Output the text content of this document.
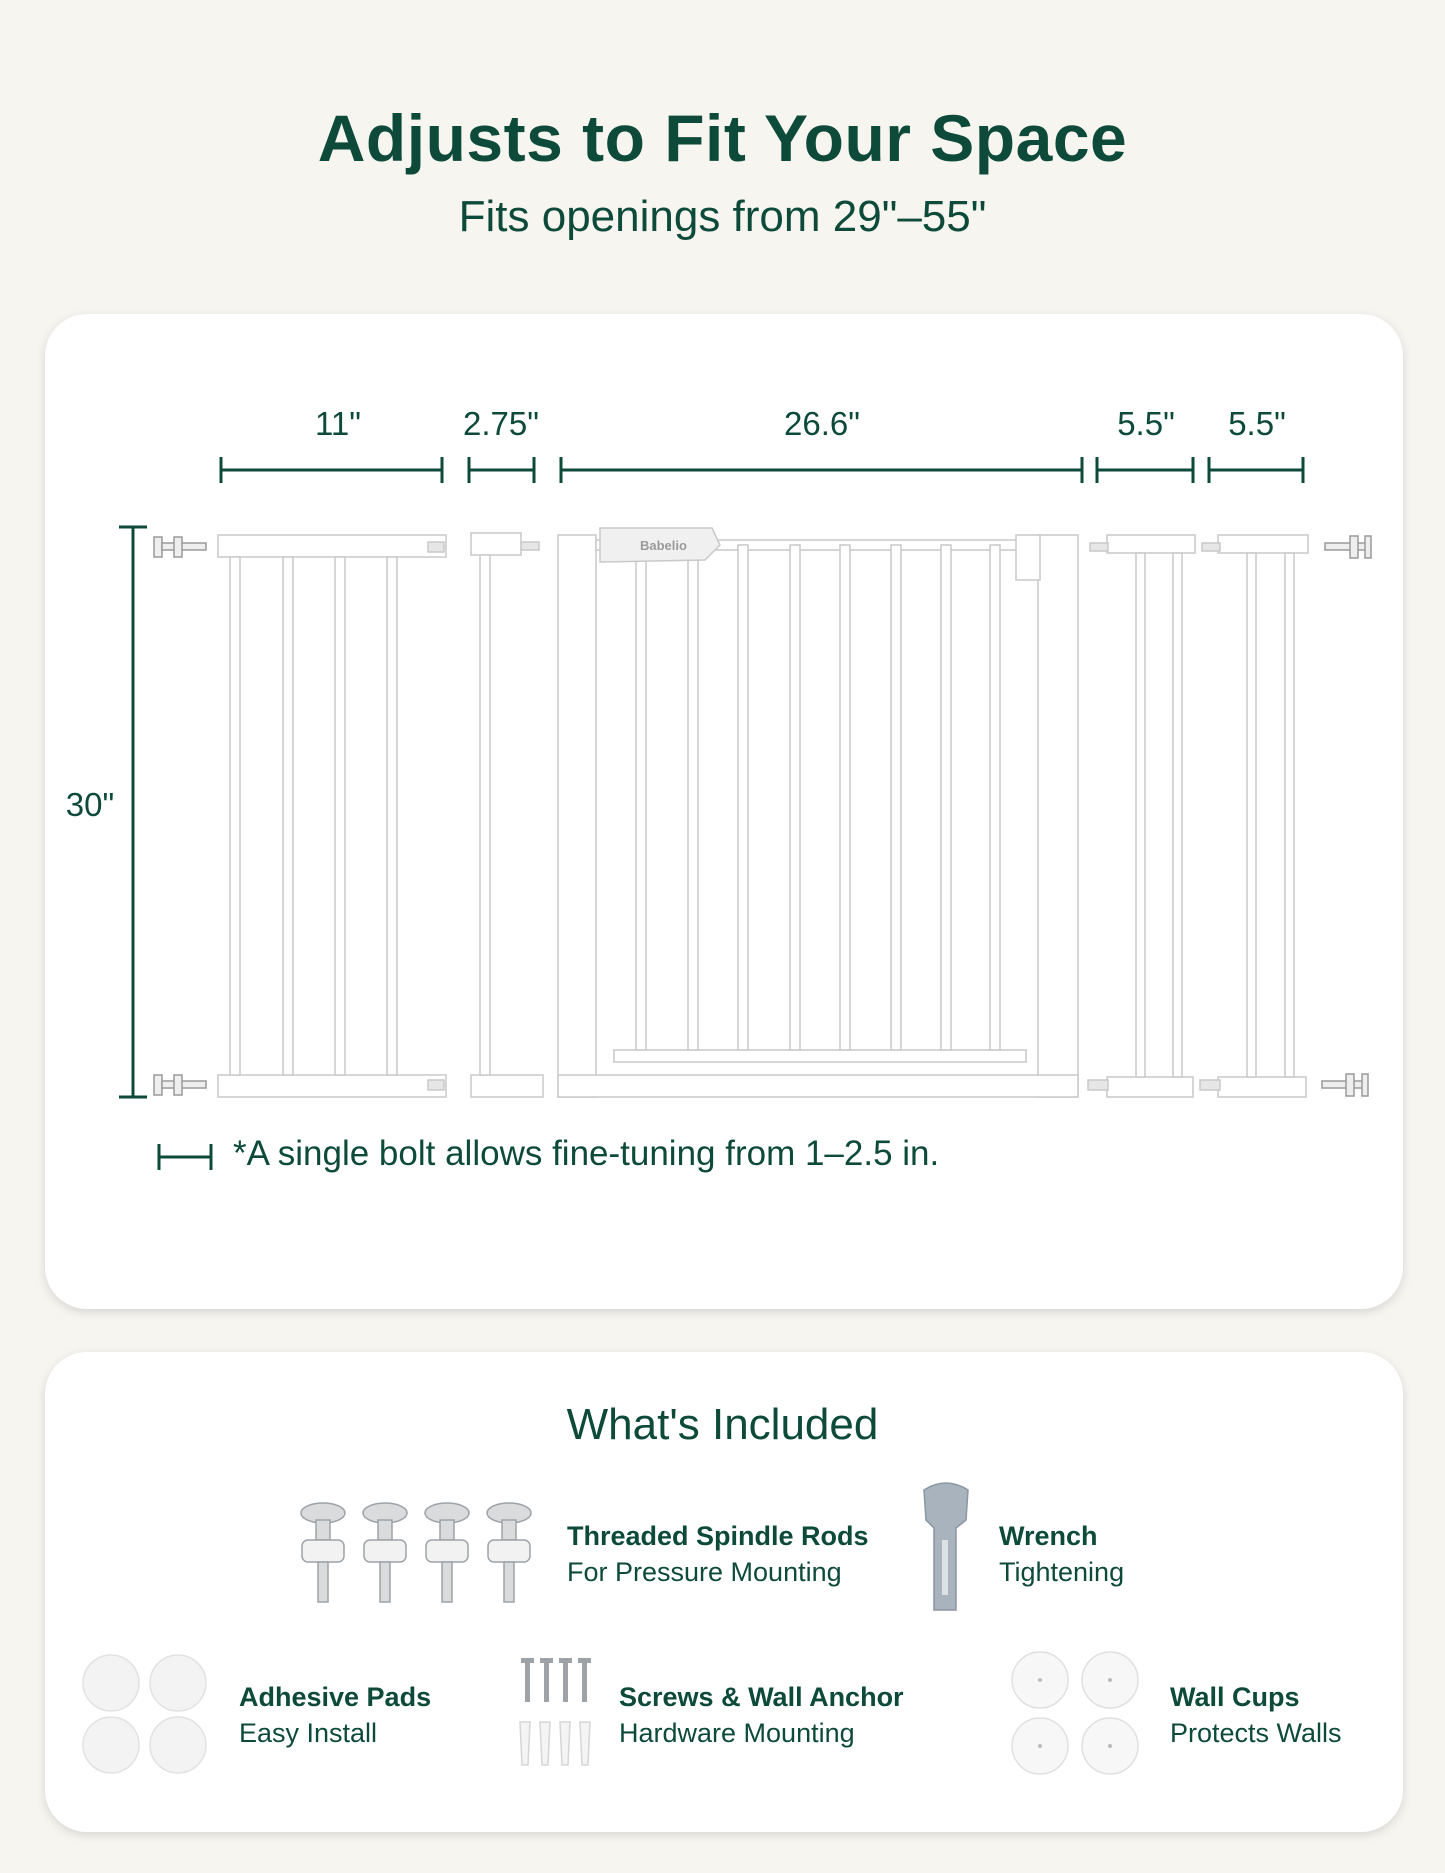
Adjusts to Fit Your Space
Fits openings from 29"–55"
11"	2.75"	26.6"	5.5"	5.5"
30"
Babelio
*A single bolt allows fine-tuning from 1–2.5 in.
What's Included
Threaded Spindle Rods
For Pressure Mounting
Wrench
Tightening
Adhesive Pads
Easy Install
Screws & Wall Anchor
Hardware Mounting
Wall Cups
Protects Walls
